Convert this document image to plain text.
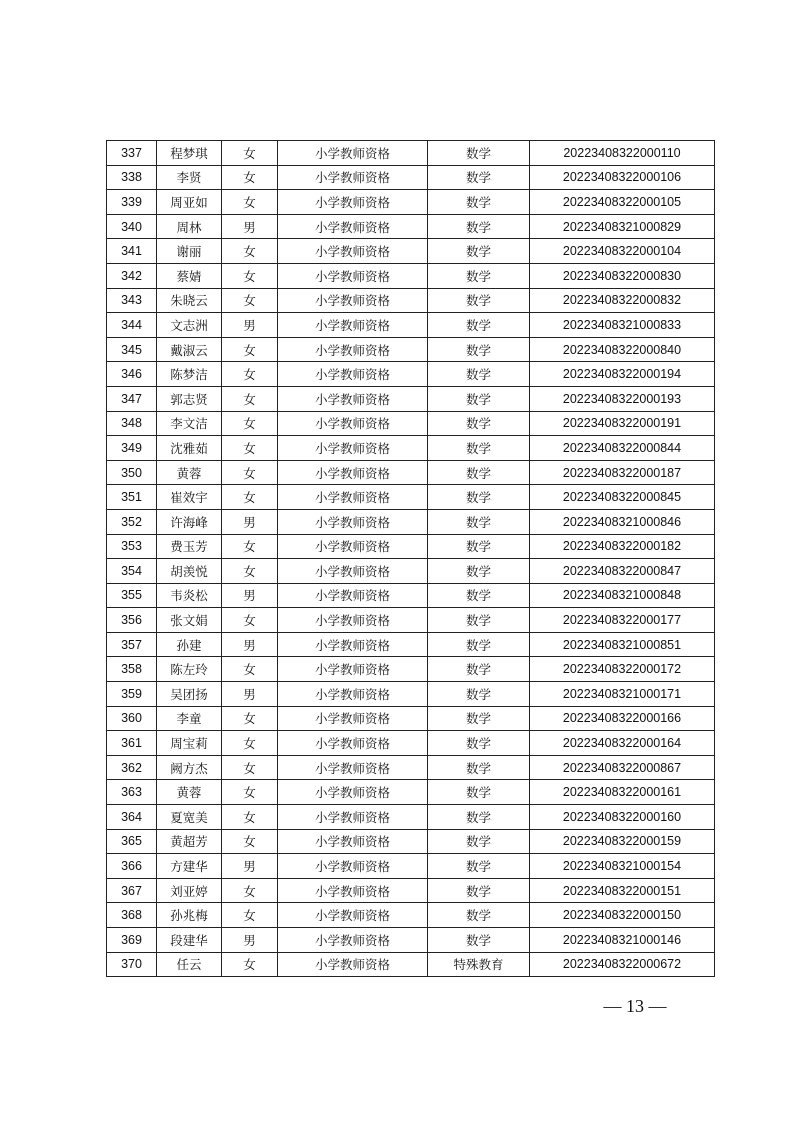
337	程梦琪	女	小学教师资格	数学	20223408322000110
338	李贤	女	小学教师资格	数学	20223408322000106
339	周亚如	女	小学教师资格	数学	20223408322000105
340	周林	男	小学教师资格	数学	20223408321000829
341	谢丽	女	小学教师资格	数学	20223408322000104
342	蔡婧	女	小学教师资格	数学	20223408322000830
343	朱晓云	女	小学教师资格	数学	20223408322000832
344	文志洲	男	小学教师资格	数学	20223408321000833
345	戴淑云	女	小学教师资格	数学	20223408322000840
346	陈梦洁	女	小学教师资格	数学	20223408322000194
347	郭志贤	女	小学教师资格	数学	20223408322000193
348	李文洁	女	小学教师资格	数学	20223408322000191
349	沈雅茹	女	小学教师资格	数学	20223408322000844
350	黄蓉	女	小学教师资格	数学	20223408322000187
351	崔效宇	女	小学教师资格	数学	20223408322000845
352	许海峰	男	小学教师资格	数学	20223408321000846
353	费玉芳	女	小学教师资格	数学	20223408322000182
354	胡羡悦	女	小学教师资格	数学	20223408322000847
355	韦炎松	男	小学教师资格	数学	20223408321000848
356	张文娟	女	小学教师资格	数学	20223408322000177
357	孙建	男	小学教师资格	数学	20223408321000851
358	陈左玲	女	小学教师资格	数学	20223408322000172
359	吴团扬	男	小学教师资格	数学	20223408321000171
360	李童	女	小学教师资格	数学	20223408322000166
361	周宝莉	女	小学教师资格	数学	20223408322000164
362	阙方杰	女	小学教师资格	数学	20223408322000867
363	黄蓉	女	小学教师资格	数学	20223408322000161
364	夏宽美	女	小学教师资格	数学	20223408322000160
365	黄超芳	女	小学教师资格	数学	20223408322000159
366	方建华	男	小学教师资格	数学	20223408321000154
367	刘亚婷	女	小学教师资格	数学	20223408322000151
368	孙兆梅	女	小学教师资格	数学	20223408322000150
369	段建华	男	小学教师资格	数学	20223408321000146
370	任云	女	小学教师资格	特殊教育	20223408322000672
— 13 —
